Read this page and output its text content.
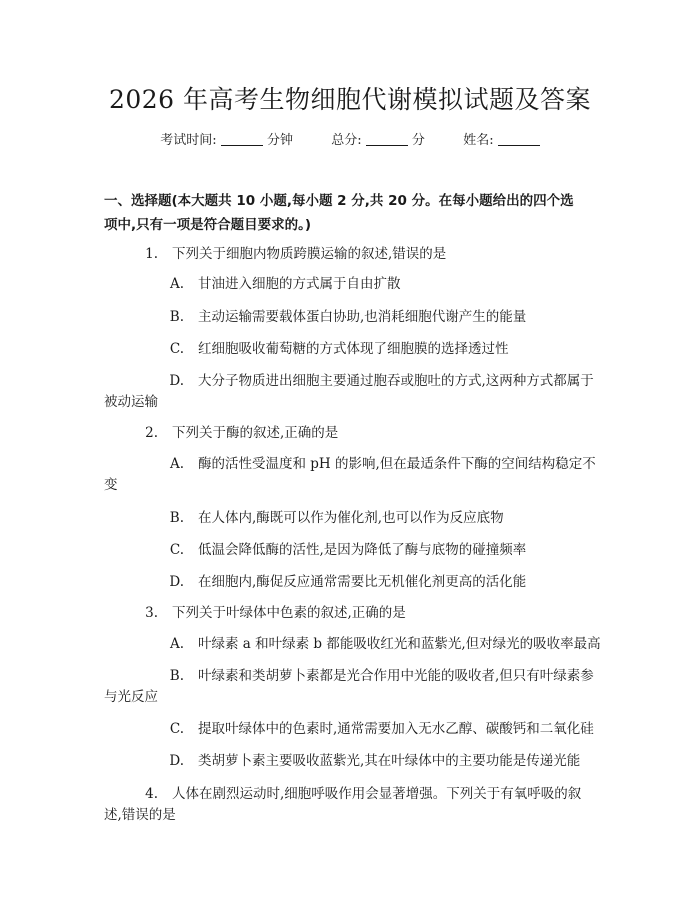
2026 年高考生物细胞代谢模拟试题及答案
考试时间:	分钟	总分:	分	姓名:
一、选择题(本大题共 10 小题,每小题 2 分,共 20 分。在每小题给出的四个选
项中,只有一项是符合题目要求的。)
1. 下列关于细胞内物质跨膜运输的叙述,错误的是
A. 甘油进入细胞的方式属于自由扩散
B. 主动运输需要载体蛋白协助,也消耗细胞代谢产生的能量
C. 红细胞吸收葡萄糖的方式体现了细胞膜的选择透过性
D. 大分子物质进出细胞主要通过胞吞或胞吐的方式,这两种方式都属于
被动运输
2. 下列关于酶的叙述,正确的是
A. 酶的活性受温度和 pH 的影响,但在最适条件下酶的空间结构稳定不
变
B. 在人体内,酶既可以作为催化剂,也可以作为反应底物
C. 低温会降低酶的活性,是因为降低了酶与底物的碰撞频率
D. 在细胞内,酶促反应通常需要比无机催化剂更高的活化能
3. 下列关于叶绿体中色素的叙述,正确的是
A. 叶绿素 a 和叶绿素 b 都能吸收红光和蓝紫光,但对绿光的吸收率最高
B. 叶绿素和类胡萝卜素都是光合作用中光能的吸收者,但只有叶绿素参
与光反应
C. 提取叶绿体中的色素时,通常需要加入无水乙醇、碳酸钙和二氧化硅
D. 类胡萝卜素主要吸收蓝紫光,其在叶绿体中的主要功能是传递光能
4. 人体在剧烈运动时,细胞呼吸作用会显著增强。下列关于有氧呼吸的叙
述,错误的是
